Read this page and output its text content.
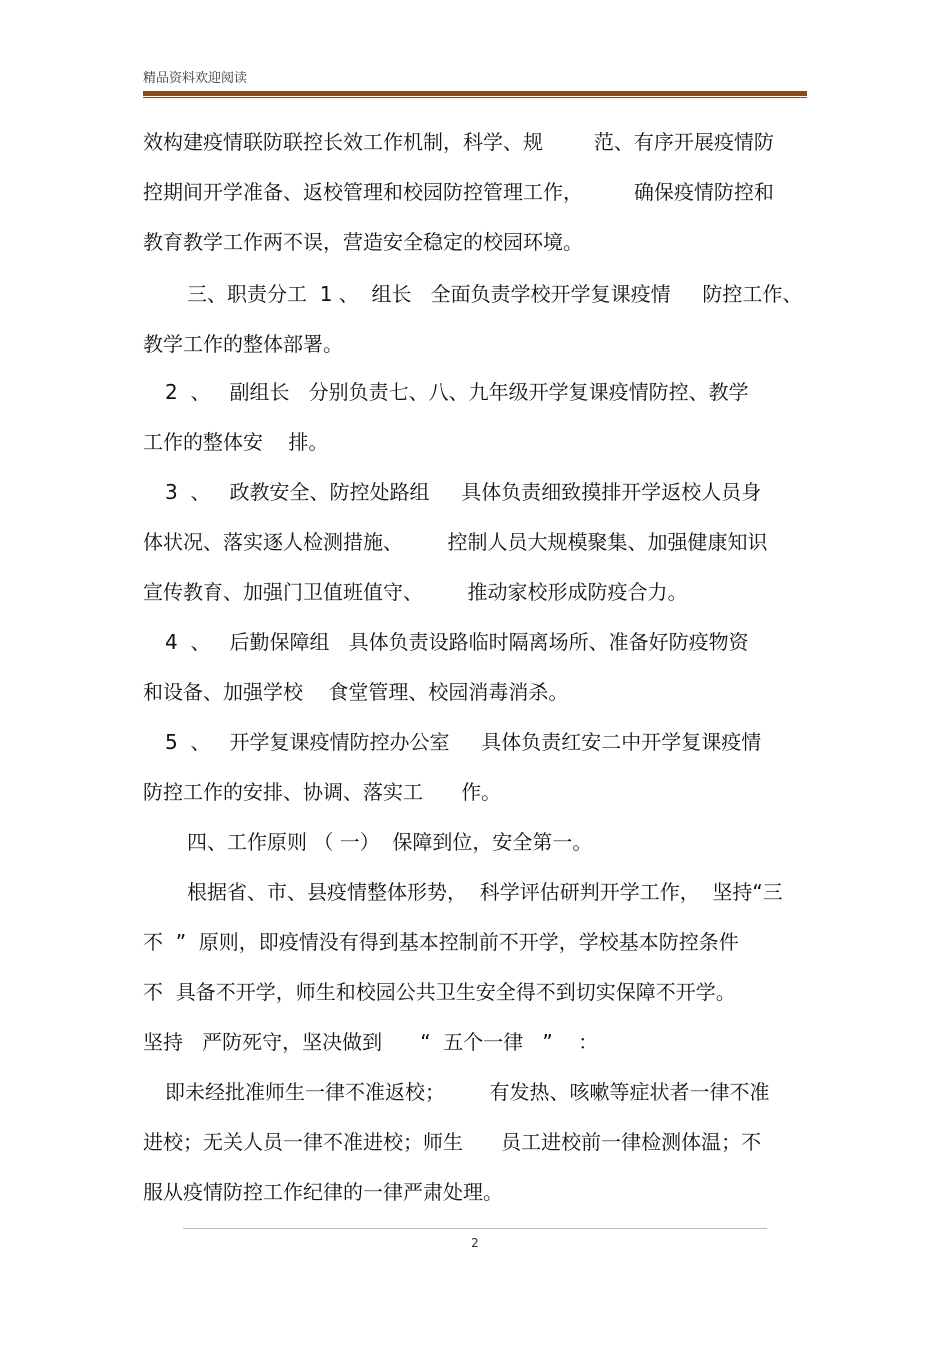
精品资料欢迎阅读
效构建疫情联防联控长效工作机制，科学、规        范、有序开展疫情防
控期间开学准备、返校管理和校园防控管理工作，        确保疫情防控和
教育教学工作两不误，营造安全稳定的校园环境。
三、职责分工  1 、  组长   全面负责学校开学复课疫情     防控工作、
教学工作的整体部署。
2  、   副组长   分别负责七、八、九年级开学复课疫情防控、教学
工作的整体安    排。
3  、   政教安全、防控处路组     具体负责细致摸排开学返校人员身
体状况、落实逐人检测措施、       控制人员大规模聚集、加强健康知识
宣传教育、加强门卫值班值守、       推动家校形成防疫合力。
4  、   后勤保障组   具体负责设路临时隔离场所、准备好防疫物资
和设备、加强学校    食堂管理、校园消毒消杀。
5  、   开学复课疫情防控办公室     具体负责红安二中开学复课疫情
防控工作的安排、协调、落实工      作。
四、工作原则 （ 一）  保障到位，安全第一。
根据省、市、县疫情整体形势，  科学评估研判开学工作，  坚持“三
不  ”  原则，即疫情没有得到基本控制前不开学，学校基本防控条件
不  具备不开学，师生和校园公共卫生安全得不到切实保障不开学。
坚持   严防死守，坚决做到      “  五个一律   ”    ：
即未经批准师生一律不准返校；       有发热、咳嗽等症状者一律不准
进校；无关人员一律不准进校；师生      员工进校前一律检测体温；不
服从疫情防控工作纪律的一律严肃处理。
2
